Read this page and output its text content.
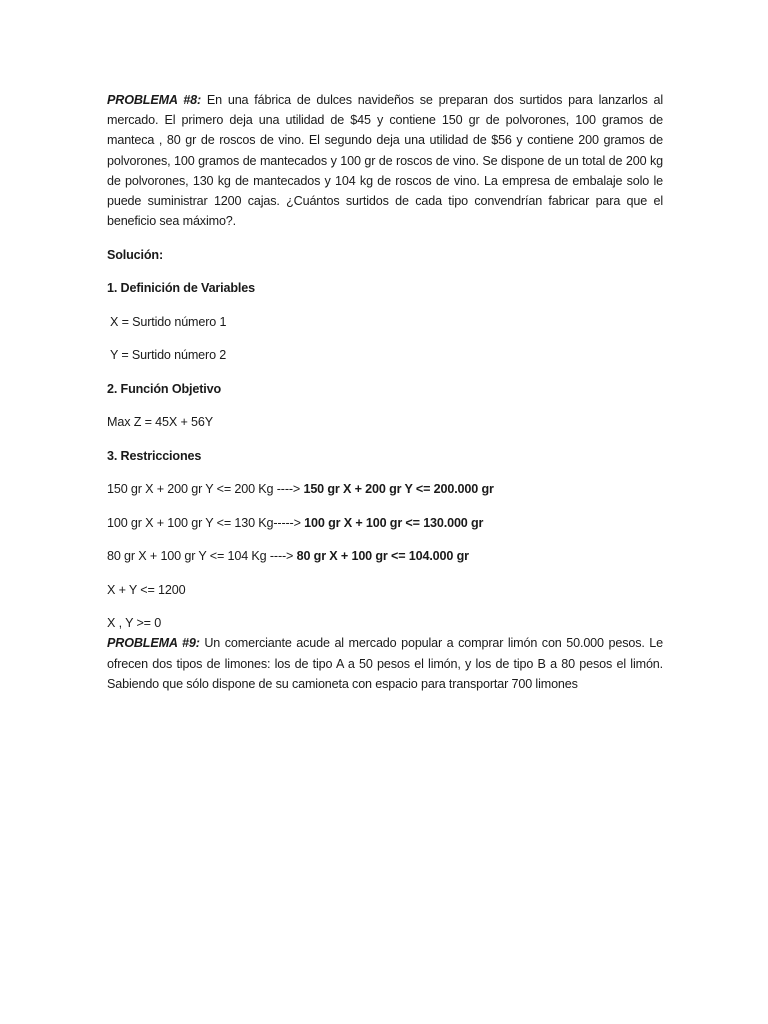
PROBLEMA #8: En una fábrica de dulces navideños se preparan dos surtidos para lanzarlos al mercado. El primero deja una utilidad de $45 y contiene 150 gr de polvorones, 100 gramos de manteca , 80 gr de roscos de vino. El segundo deja una utilidad de $56 y contiene 200 gramos de polvorones, 100 gramos de mantecados y 100 gr de roscos de vino. Se dispone de un total de 200 kg de polvorones, 130 kg de mantecados y 104 kg de roscos de vino. La empresa de embalaje solo le puede suministrar 1200 cajas. ¿Cuántos surtidos de cada tipo convendrían fabricar para que el beneficio sea máximo?.

Solución:

1. Definición de Variables

X = Surtido número 1

Y = Surtido número 2

2. Función Objetivo

Max Z = 45X + 56Y

3. Restricciones

150 gr X + 200 gr Y <= 200 Kg ----> 150 gr X + 200 gr Y <= 200.000 gr

100 gr X + 100 gr Y <= 130 Kg-----> 100 gr X + 100 gr <= 130.000 gr

80 gr X + 100 gr Y <= 104 Kg ----> 80 gr X + 100 gr <= 104.000 gr

X + Y <= 1200

X , Y >= 0

PROBLEMA #9: Un comerciante acude al mercado popular a comprar limón con 50.000 pesos. Le ofrecen dos tipos de limones: los de tipo A a 50 pesos el limón, y los de tipo B a 80 pesos el limón. Sabiendo que sólo dispone de su camioneta con espacio para transportar 700 limones
